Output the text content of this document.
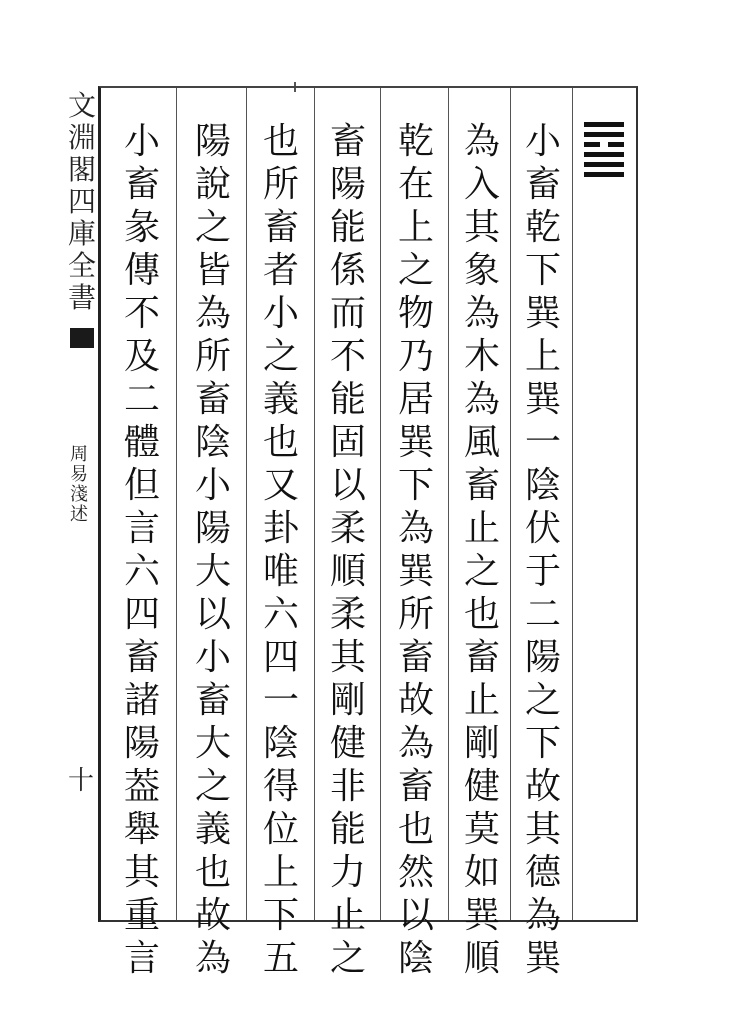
小
畜
乾
下
巽
上
巽
一
陰
伏
于
二
陽
之
下
故
其
德
為
巽
為
入
其
象
為
木
為
風
畜
止
之
也
畜
止
剛
健
莫
如
巽
順
乾
在
上
之
物
乃
居
巽
下
為
巽
所
畜
故
為
畜
也
然
以
陰
畜
陽
能
係
而
不
能
固
以
柔
順
柔
其
剛
健
非
能
力
止
之
也
所
畜
者
小
之
義
也
又
卦
唯
六
四
一
陰
得
位
上
下
五
陽
說
之
皆
為
所
畜
陰
小
陽
大
以
小
畜
大
之
義
也
故
為
小
畜
彖
傳
不
及
二
體
但
言
六
四
畜
諸
陽
葢
舉
其
重
言
文
淵
閣
四
庫
全
書
周
易
淺
述
十
